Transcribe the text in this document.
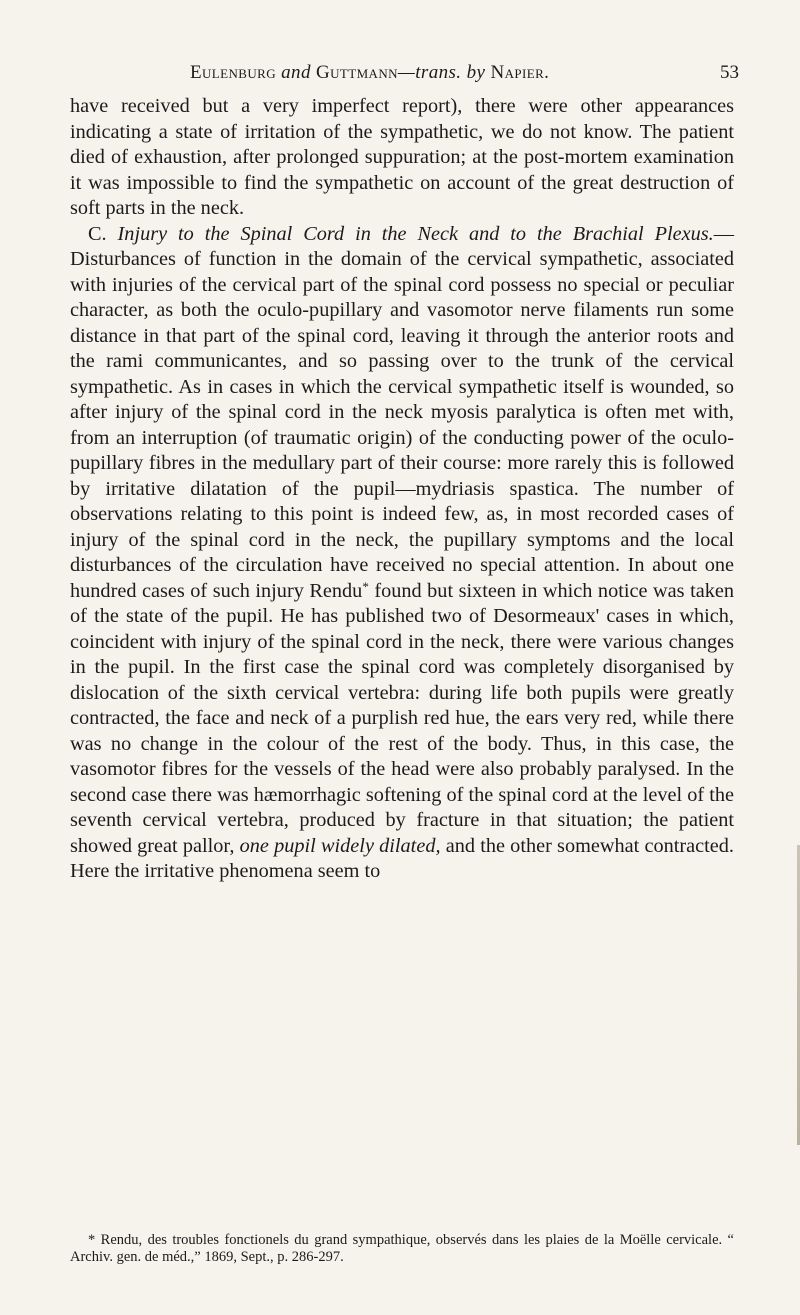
Eulenburg and Guttmann—trans. by Napier.	53

have received but a very imperfect report), there were other appearances indicating a state of irritation of the sympathetic, we do not know. The patient died of exhaustion, after prolonged suppuration; at the post-mortem examination it was impossible to find the sympathetic on account of the great destruction of soft parts in the neck.

C. Injury to the Spinal Cord in the Neck and to the Brachial Plexus.—Disturbances of function in the domain of the cervical sympathetic, associated with injuries of the cervical part of the spinal cord possess no special or peculiar character, as both the oculo-pupillary and vasomotor nerve filaments run some distance in that part of the spinal cord, leaving it through the anterior roots and the rami communicantes, and so passing over to the trunk of the cervical sympathetic. As in cases in which the cervical sympathetic itself is wounded, so after injury of the spinal cord in the neck myosis paralytica is often met with, from an interruption (of traumatic origin) of the conducting power of the oculo-pupillary fibres in the medullary part of their course: more rarely this is followed by irritative dilatation of the pupil—mydriasis spastica. The number of observations relating to this point is indeed few, as, in most recorded cases of injury of the spinal cord in the neck, the pupillary symptoms and the local disturbances of the circulation have received no special attention. In about one hundred cases of such injury Rendu* found but sixteen in which notice was taken of the state of the pupil. He has published two of Desormeaux' cases in which, coincident with injury of the spinal cord in the neck, there were various changes in the pupil. In the first case the spinal cord was completely disorganised by dislocation of the sixth cervical vertebra: during life both pupils were greatly contracted, the face and neck of a purplish red hue, the ears very red, while there was no change in the colour of the rest of the body. Thus, in this case, the vasomotor fibres for the vessels of the head were also probably paralysed. In the second case there was hæmorrhagic softening of the spinal cord at the level of the seventh cervical vertebra, produced by fracture in that situation; the patient showed great pallor, one pupil widely dilated, and the other somewhat contracted. Here the irritative phenomena seem to

* Rendu, des troubles fonctionels du grand sympathique, observés dans les plaies de la Moëlle cervicale. “ Archiv. gen. de méd.,” 1869, Sept., p. 286-297.
